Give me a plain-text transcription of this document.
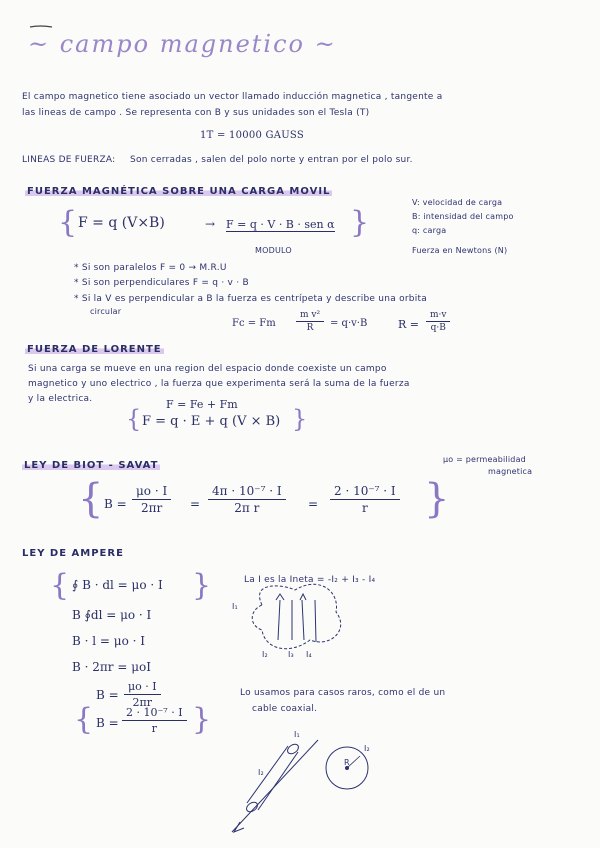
~ campo magnetico ~
El campo magnetico tiene asociado un vector llamado inducción magnetica , tangente a
las lineas de campo . Se representa con B y sus unidades son el Tesla (T)
1T = 10000 GAUSS
LINEAS DE FUERZA: Son cerradas , salen del polo norte y entran por el polo sur.
FUERZA MAGNÉTICA SOBRE UNA CARGA MOVIL
{ F = q (V×B)	→ F = q · V · B · sen α }
MODULO
V: velocidad de carga
B: intensidad del campo
q: carga
Fuerza en Newtons (N)
* Si son paralelos F = 0 → M.R.U
* Si son perpendiculares F = q · v · B
* Si la V es perpendicular a B la fuerza es centrípeta y describe una orbita
circular
Fc = Fm $\frac{\text{m v²}}{R} = q\cdot v\cdot B$	$R = \frac{m\cdot v}{q\cdot B}$
FUERZA DE LORENTE
Si una carga se mueve en una region del espacio donde coexiste un campo
magnetico y uno electrico , la fuerza que experimenta será la suma de la fuerza
y la electrica.	F = Fe + Fm
{ F = q · E + q (V × B) }
LEY DE BIOT - SAVAT
μo = permeabilidad
magnetica
{ $B = \frac{\mu o \cdot I}{2\pi r} = \frac{\text{4π · 10⁻⁷ · I}}{\text{2π r}} = \frac{\text{2 · 10⁻⁷ · I}}{r}$ }
LEY DE AMPERE
{ ∮ B · dl = μo · I }
B ∮dl = μo · I
B · l = μo · I
B · 2πr = μoI
$B = \frac{\mu o \cdot I}{2\pi r}$
{ $B = \frac{\text{2 · 10⁻⁷ · I}}{r}$ }
La I es la Ineta = -I₂ + I₃ - I₄
I₁
I₂	I₃ I₄
Lo usamos para casos raros, como el de un
cable coaxial.
I₁
I₂
I₂
R
